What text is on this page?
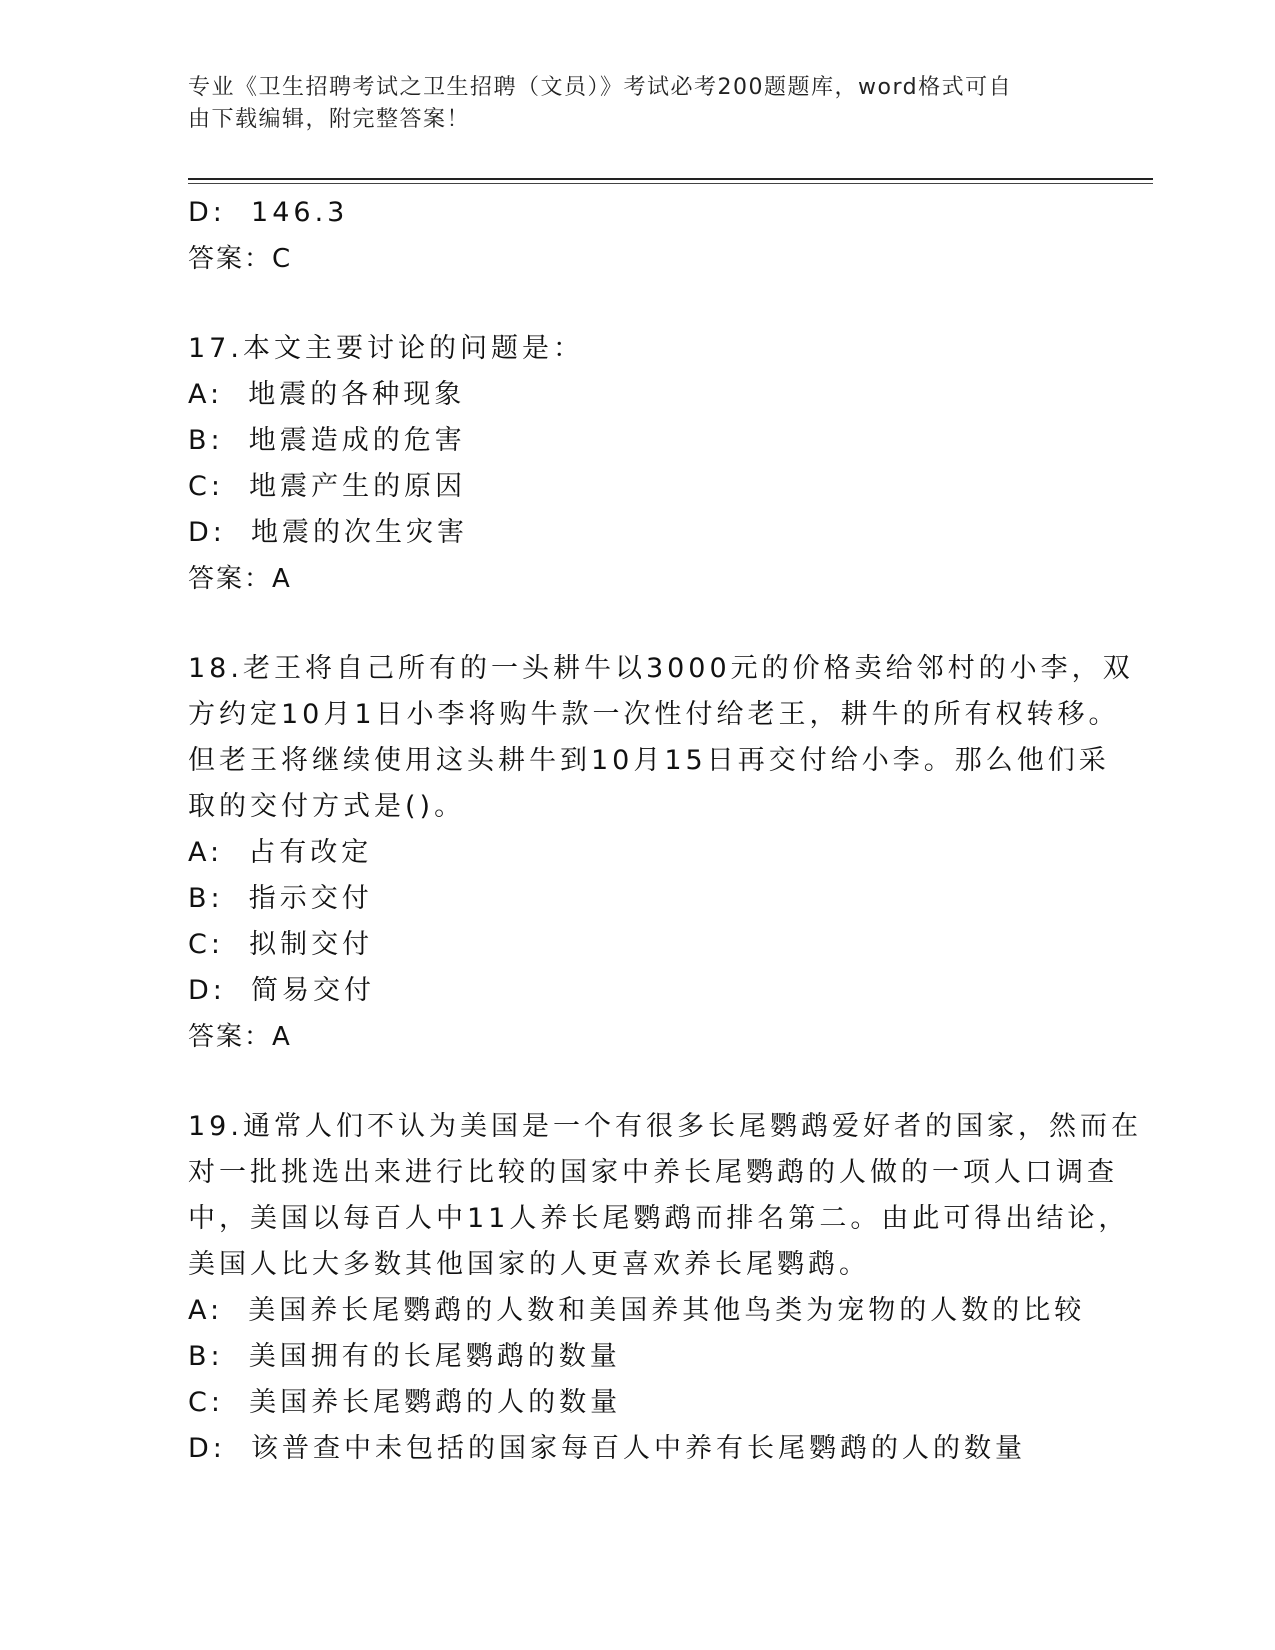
专业《卫生招聘考试之卫生招聘（文员）》考试必考200题题库，word格式可自
由下载编辑，附完整答案！

D:  146.3

答案：C

17.本文主要讨论的问题是：

A:  地震的各种现象

B:  地震造成的危害

C:  地震产生的原因

D:  地震的次生灾害

答案：A

18.老王将自己所有的一头耕牛以3000元的价格卖给邻村的小李，双

方约定10月1日小李将购牛款一次性付给老王，耕牛的所有权转移。

但老王将继续使用这头耕牛到10月15日再交付给小李。那么他们采

取的交付方式是()。

A:  占有改定

B:  指示交付

C:  拟制交付

D:  简易交付

答案：A

19.通常人们不认为美国是一个有很多长尾鹦鹉爱好者的国家，然而在

对一批挑选出来进行比较的国家中养长尾鹦鹉的人做的一项人口调查

中，美国以每百人中11人养长尾鹦鹉而排名第二。由此可得出结论，

美国人比大多数其他国家的人更喜欢养长尾鹦鹉。

A:  美国养长尾鹦鹉的人数和美国养其他鸟类为宠物的人数的比较

B:  美国拥有的长尾鹦鹉的数量

C:  美国养长尾鹦鹉的人的数量

D:  该普查中未包括的国家每百人中养有长尾鹦鹉的人的数量
